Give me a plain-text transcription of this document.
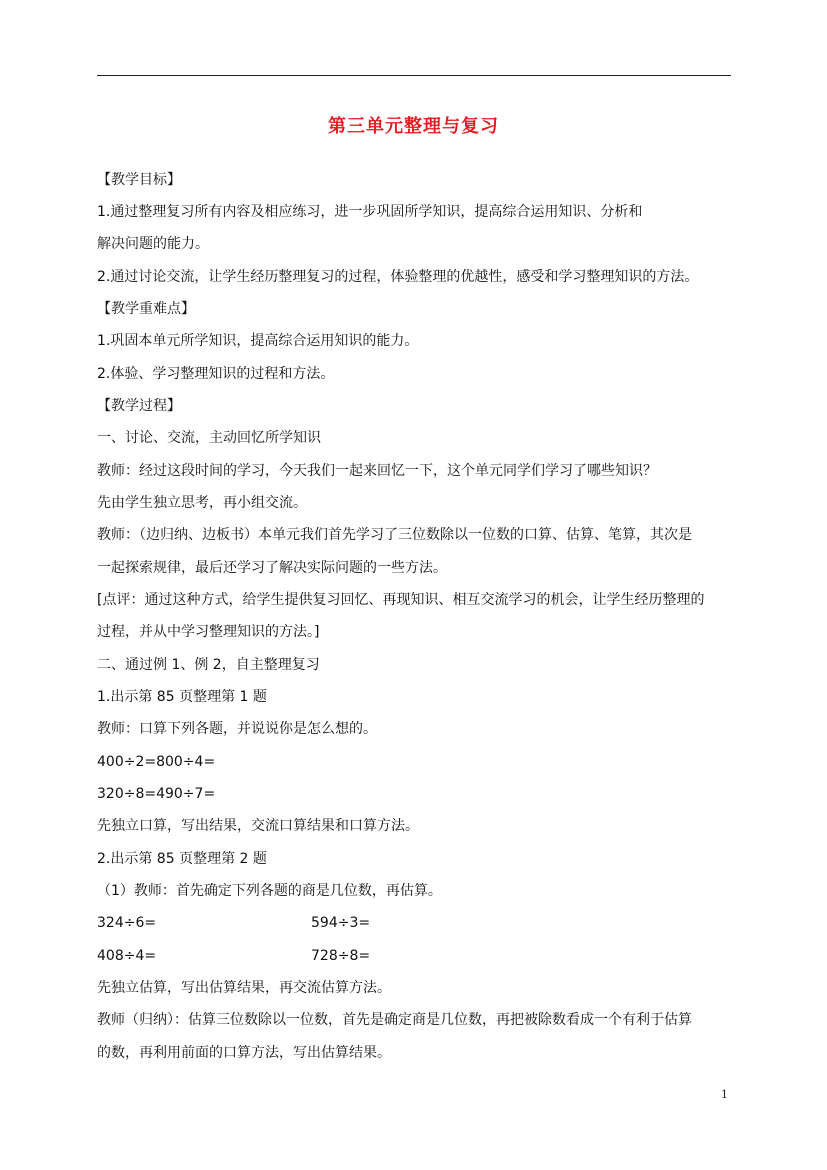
第三单元整理与复习
【教学目标】
1.通过整理复习所有内容及相应练习，进一步巩固所学知识，提高综合运用知识、分析和
解决问题的能力。
2.通过讨论交流，让学生经历整理复习的过程，体验整理的优越性，感受和学习整理知识的方法。
【教学重难点】
1.巩固本单元所学知识，提高综合运用知识的能力。
2.体验、学习整理知识的过程和方法。
【教学过程】
一、讨论、交流，主动回忆所学知识
教师：经过这段时间的学习，今天我们一起来回忆一下，这个单元同学们学习了哪些知识？
先由学生独立思考，再小组交流。
教师：（边归纳、边板书）本单元我们首先学习了三位数除以一位数的口算、估算、笔算，其次是
一起探索规律，最后还学习了解决实际问题的一些方法。
[点评：通过这种方式，给学生提供复习回忆、再现知识、相互交流学习的机会，让学生经历整理的
过程，并从中学习整理知识的方法。]
二、通过例 1、例 2，自主整理复习
1.出示第 85 页整理第 1 题
教师：口算下列各题，并说说你是怎么想的。
400÷2=800÷4=
320÷8=490÷7=
先独立口算，写出结果，交流口算结果和口算方法。
2.出示第 85 页整理第 2 题
（1）教师：首先确定下列各题的商是几位数，再估算。
324÷6=	594÷3=
408÷4=	728÷8=
先独立估算，写出估算结果，再交流估算方法。
教师（归纳）：估算三位数除以一位数，首先是确定商是几位数，再把被除数看成一个有利于估算
的数，再利用前面的口算方法，写出估算结果。
1
